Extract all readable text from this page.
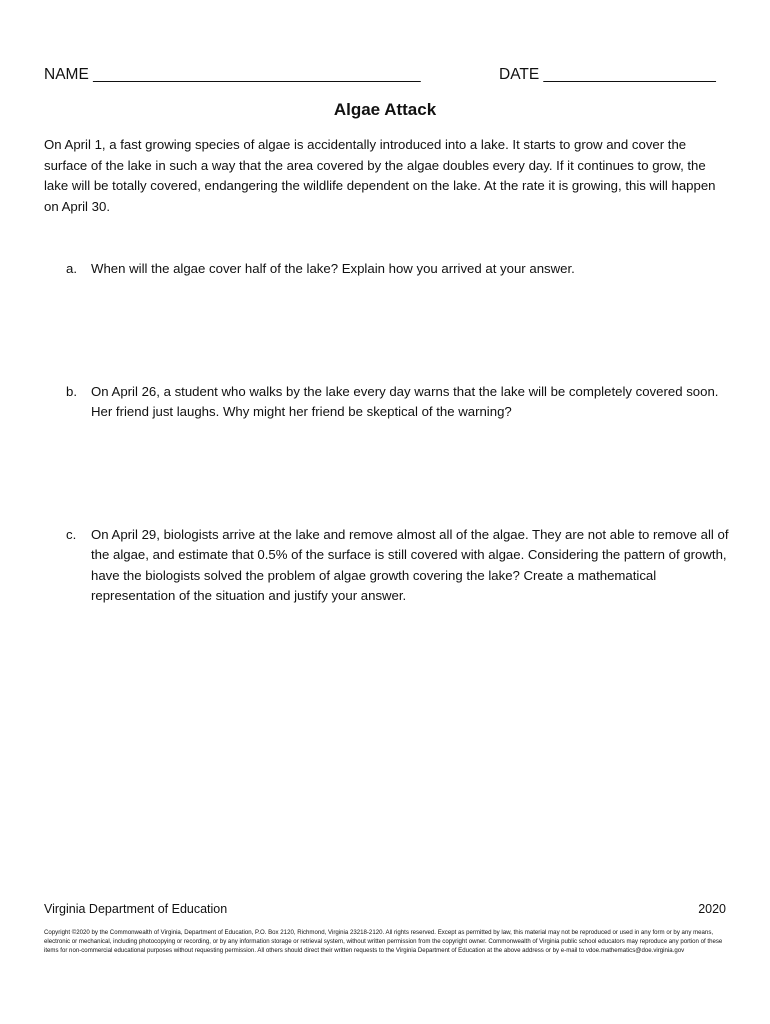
NAME ______________________________________	DATE ____________________
Algae Attack

On April 1, a fast growing species of algae is accidentally introduced into a lake. It starts to grow and cover the surface of the lake in such a way that the area covered by the algae doubles every day. If it continues to grow, the lake will be totally covered, endangering the wildlife dependent on the lake. At the rate it is growing, this will happen on April 30.

a. When will the algae cover half of the lake? Explain how you arrived at your answer.
b. On April 26, a student who walks by the lake every day warns that the lake will be completely covered soon. Her friend just laughs. Why might her friend be skeptical of the warning?
c. On April 29, biologists arrive at the lake and remove almost all of the algae. They are not able to remove all of the algae, and estimate that 0.5% of the surface is still covered with algae. Considering the pattern of growth, have the biologists solved the problem of algae growth covering the lake? Create a mathematical representation of the situation and justify your answer.
Virginia Department of Education	2020

Copyright ©2020 by the Commonwealth of Virginia, Department of Education, P.O. Box 2120, Richmond, Virginia 23218-2120. All rights reserved. Except as permitted by law, this material may not be reproduced or used in any form or by any means, electronic or mechanical, including photocopying or recording, or by any information storage or retrieval system, without written permission from the copyright owner. Commonwealth of Virginia public school educators may reproduce any portion of these items for non-commercial educational purposes without requesting permission. All others should direct their written requests to the Virginia Department of Education at the above address or by e-mail to vdoe.mathematics@doe.virginia.gov
